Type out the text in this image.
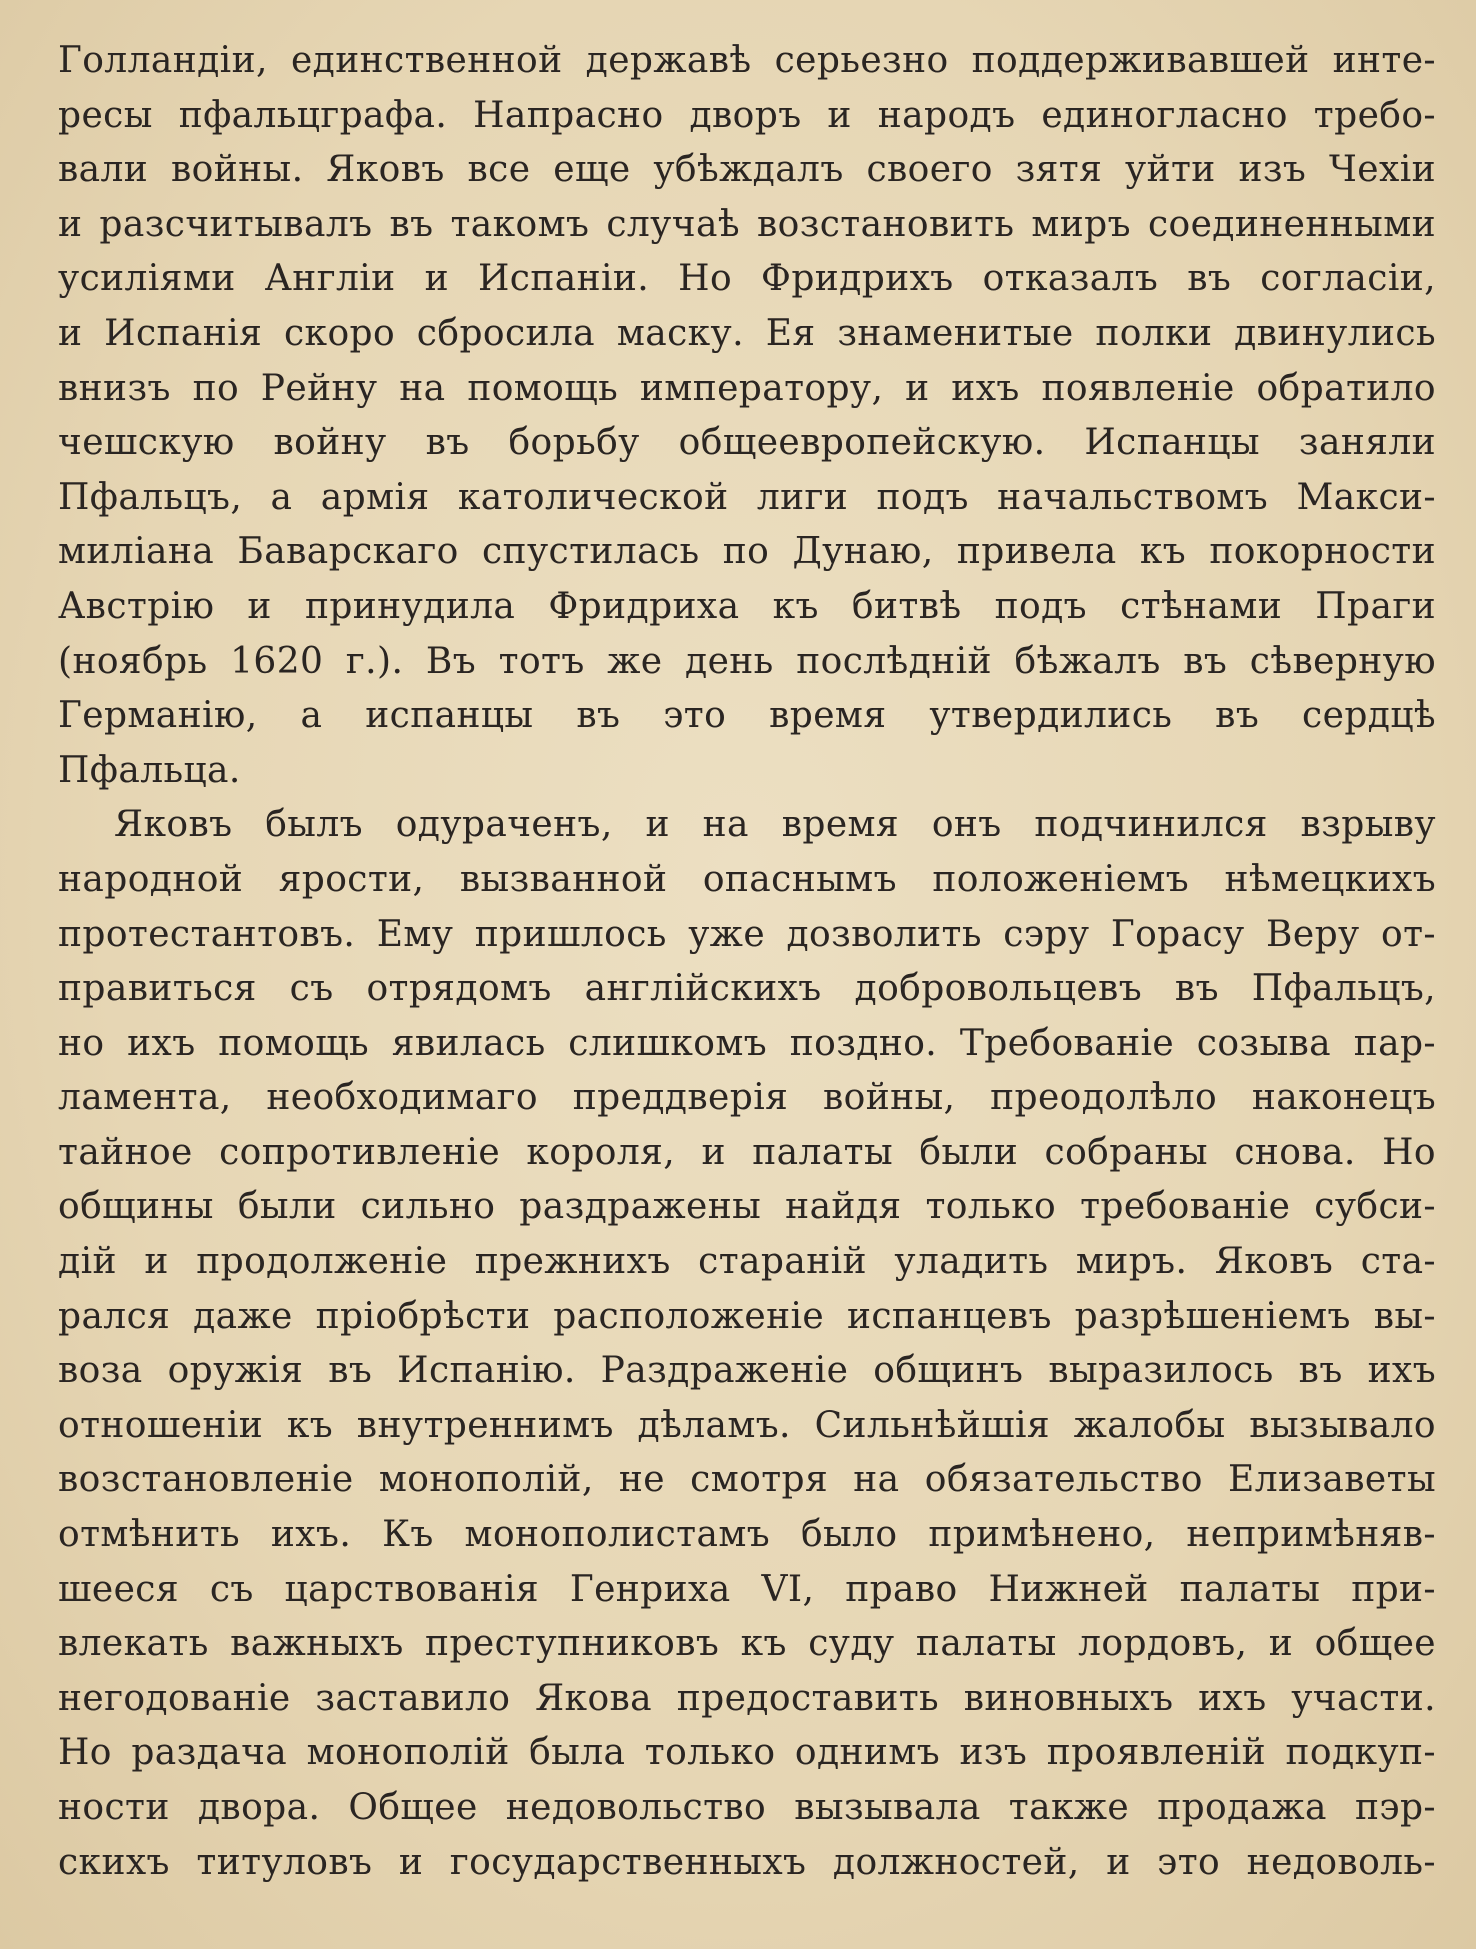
Голландіи, единственной державѣ серьезно поддерживавшей инте-
ресы пфальцграфа. Напрасно дворъ и народъ единогласно требо-
вали войны. Яковъ все еще убѣждалъ своего зятя уйти изъ Чехіи
и разсчитывалъ въ такомъ случаѣ возстановить миръ соединенными
усиліями Англіи и Испаніи. Но Фридрихъ отказалъ въ согласіи,
и Испанія скоро сбросила маску. Ея знаменитые полки двинулись
внизъ по Рейну на помощь императору, и ихъ появленіе обратило
чешскую войну въ борьбу общеевропейскую. Испанцы заняли
Пфальцъ, а армія католической лиги подъ начальствомъ Макси-
миліана Баварскаго спустилась по Дунаю, привела къ покорности
Австрію и принудила Фридриха къ битвѣ подъ стѣнами Праги
(ноябрь 1620 г.). Въ тотъ же день послѣдній бѣжалъ въ сѣверную
Германію, а испанцы въ это время утвердились въ сердцѣ
Пфальца.
Яковъ былъ одураченъ, и на время онъ подчинился взрыву
народной ярости, вызванной опаснымъ положеніемъ нѣмецкихъ
протестантовъ. Ему пришлось уже дозволить сэру Горасу Веру от-
правиться съ отрядомъ англійскихъ добровольцевъ въ Пфальцъ,
но ихъ помощь явилась слишкомъ поздно. Требованіе созыва пар-
ламента, необходимаго преддверія войны, преодолѣло наконецъ
тайное сопротивленіе короля, и палаты были собраны снова. Но
общины были сильно раздражены найдя только требованіе субси-
дій и продолженіе прежнихъ стараній уладить миръ. Яковъ ста-
рался даже пріобрѣсти расположеніе испанцевъ разрѣшеніемъ вы-
воза оружія въ Испанію. Раздраженіе общинъ выразилось въ ихъ
отношеніи къ внутреннимъ дѣламъ. Сильнѣйшія жалобы вызывало
возстановленіе монополій, не смотря на обязательство Елизаветы
отмѣнить ихъ. Къ монополистамъ было примѣнено, непримѣняв-
шееся съ царствованія Генриха VI, право Нижней палаты при-
влекать важныхъ преступниковъ къ суду палаты лордовъ, и общее
негодованіе заставило Якова предоставить виновныхъ ихъ участи.
Но раздача монополій была только однимъ изъ проявленій подкуп-
ности двора. Общее недовольство вызывала также продажа пэр-
скихъ титуловъ и государственныхъ должностей, и это недоволь-
